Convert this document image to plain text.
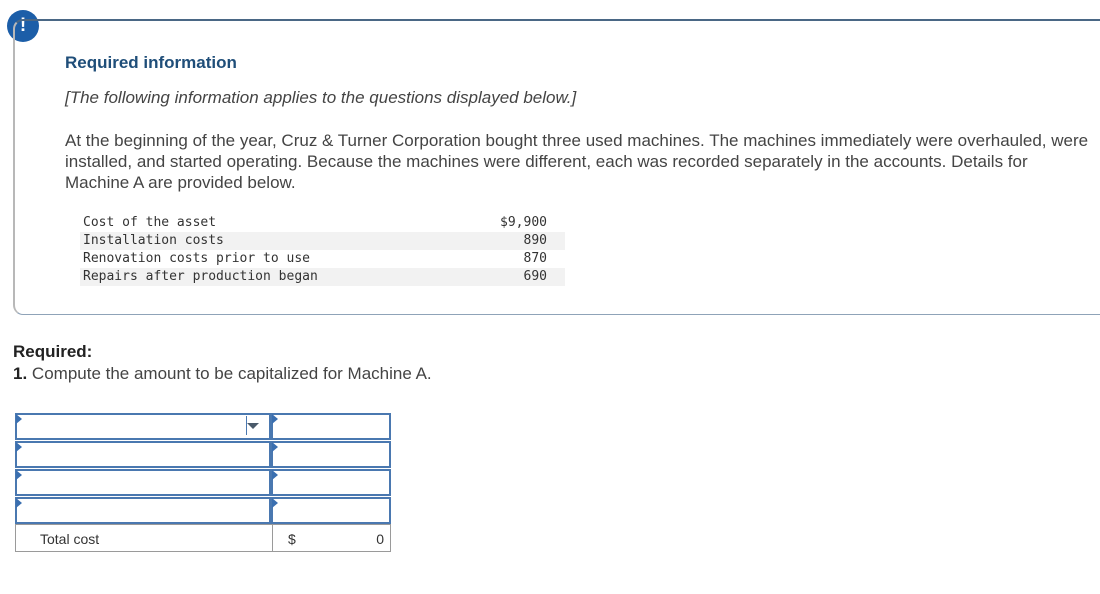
!
Required information
[The following information applies to the questions displayed below.]
At the beginning of the year, Cruz & Turner Corporation bought three used machines. The machines immediately were overhauled, were installed, and started operating. Because the machines were different, each was recorded separately in the accounts. Details for Machine A are provided below.
Cost of the asset	$9,900
Installation costs	890
Renovation costs prior to use	870
Repairs after production began	690
Required:
1. Compute the amount to be capitalized for Machine A.
Total cost	$	0
